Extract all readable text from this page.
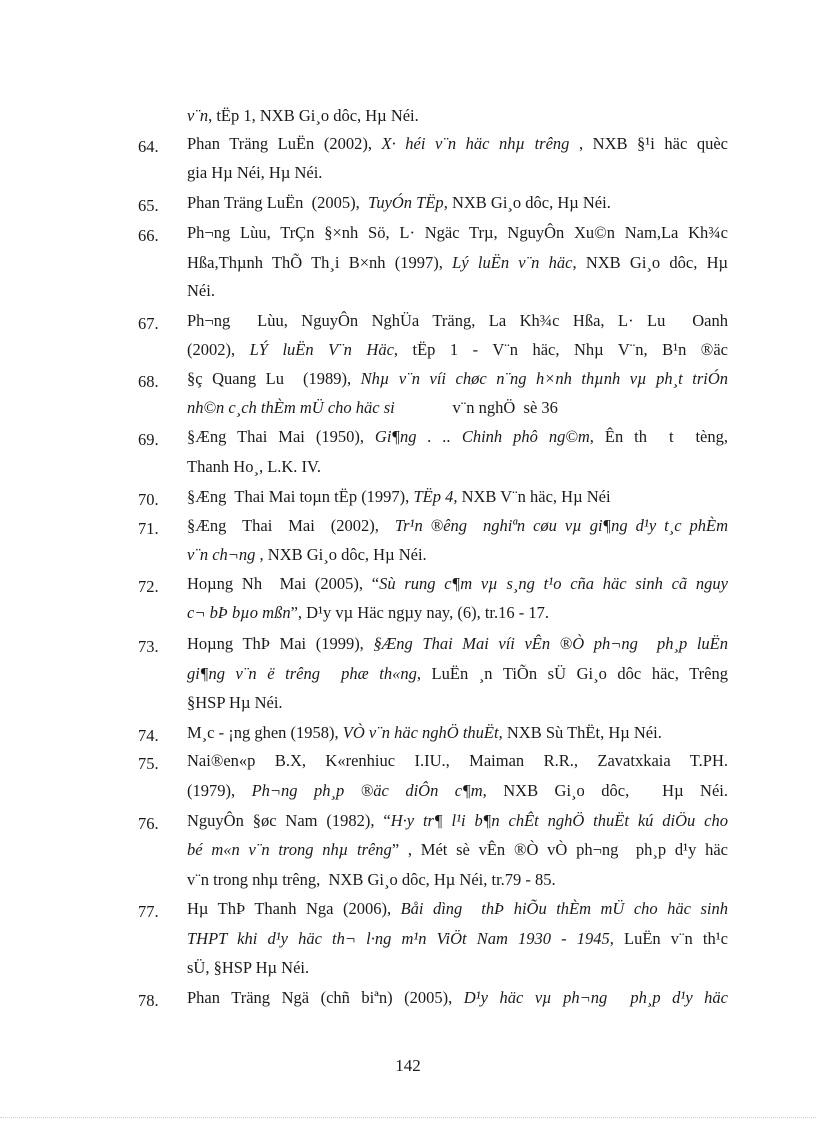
v¨n, tËp 1, NXB Gi¸o dôc, Hµ Néi.
64. Phan Träng LuËn (2002), X· héi v¨n häc nhµ trêng , NXB §¹i häc quèc
gia Hµ Néi, Hµ Néi.
65. Phan Träng LuËn  (2005),  TuyÓn TËp, NXB Gi¸o dôc, Hµ Néi.
66. Ph¬ng Lùu, TrÇn §×nh Sö, L· Ngäc Trµ, NguyÔn Xu©n Nam,La Kh¾c
Hßa,Thµnh ThÕ Th¸i B×nh (1997), Lý luËn v¨n häc, NXB Gi¸o dôc, Hµ
Néi.
67. Ph¬ng  Lùu, NguyÔn NghÜa Träng, La Kh¾c Hßa, L· Lu  Oanh
(2002), LÝ luËn V¨n Häc, tËp 1 - V¨n häc, Nhµ V¨n, B¹n ®äc
68. §ç Quang Lu  (1989), Nhµ v¨n víi chøc n¨ng h×nh thµnh vµ ph¸t triÓn
nh©n c¸ch thÈm mÜ cho häc si              v¨n nghÖ  sè 36
69. §Æng Thai Mai (1950), Gi¶ng . .. Chinh phô ng©m, Ên th  t  tèng,
Thanh Ho¸, L.K. IV.
70. §Æng  Thai Mai toµn tËp (1997), TËp 4, NXB V¨n häc, Hµ Néi
71. §Æng  Thai  Mai  (2002),  Tr¹n ®êng  nghiªn cøu vµ gi¶ng d¹y t¸c phÈm
v¨n ch¬ng , NXB Gi¸o dôc, Hµ Néi.
72. Hoµng Nh  Mai (2005), “Sù rung c¶m vµ s¸ng t¹o cña häc sinh cã nguy
c¬ bÞ bµo mßn”, D¹y vµ Häc ngµy nay, (6), tr.16 - 17.
73. Hoµng ThÞ Mai (1999), §Æng Thai Mai víi vÊn ®Ò ph¬ng  ph¸p luËn
gi¶ng v¨n ë trêng  phæ th«ng, LuËn ¸n TiÕn sÜ Gi¸o dôc häc, Trêng
§HSP Hµ Néi.
74. M¸c - ¡ng ghen (1958), VÒ v¨n häc nghÖ thuËt, NXB Sù ThËt, Hµ Néi.
75. Nai®en«p B.X, K«renhiuc I.IU., Maiman R.R., Zavatxkaia T.PH.
(1979), Ph¬ng ph¸p ®äc diÔn c¶m, NXB Gi¸o dôc,  Hµ Néi.
76. NguyÔn §øc Nam (1982), “H·y tr¶ l¹i b¶n chÊt nghÖ thuËt kú diÖu cho
bé m«n v¨n trong nhµ trêng” , Mét sè vÊn ®Ò vÒ ph¬ng  ph¸p d¹y häc
v¨n trong nhµ trêng,  NXB Gi¸o dôc, Hµ Néi, tr.79 - 85.
77. Hµ ThÞ Thanh Nga (2006), Båi dìng  thÞ hiÕu thÈm mÜ cho häc sinh
THPT khi d¹y häc th¬ l·ng m¹n ViÖt Nam 1930 - 1945, LuËn v¨n th¹c
sÜ, §HSP Hµ Néi.
78. Phan Träng Ngä (chñ biªn) (2005), D¹y häc vµ ph¬ng  ph¸p d¹y häc
142
